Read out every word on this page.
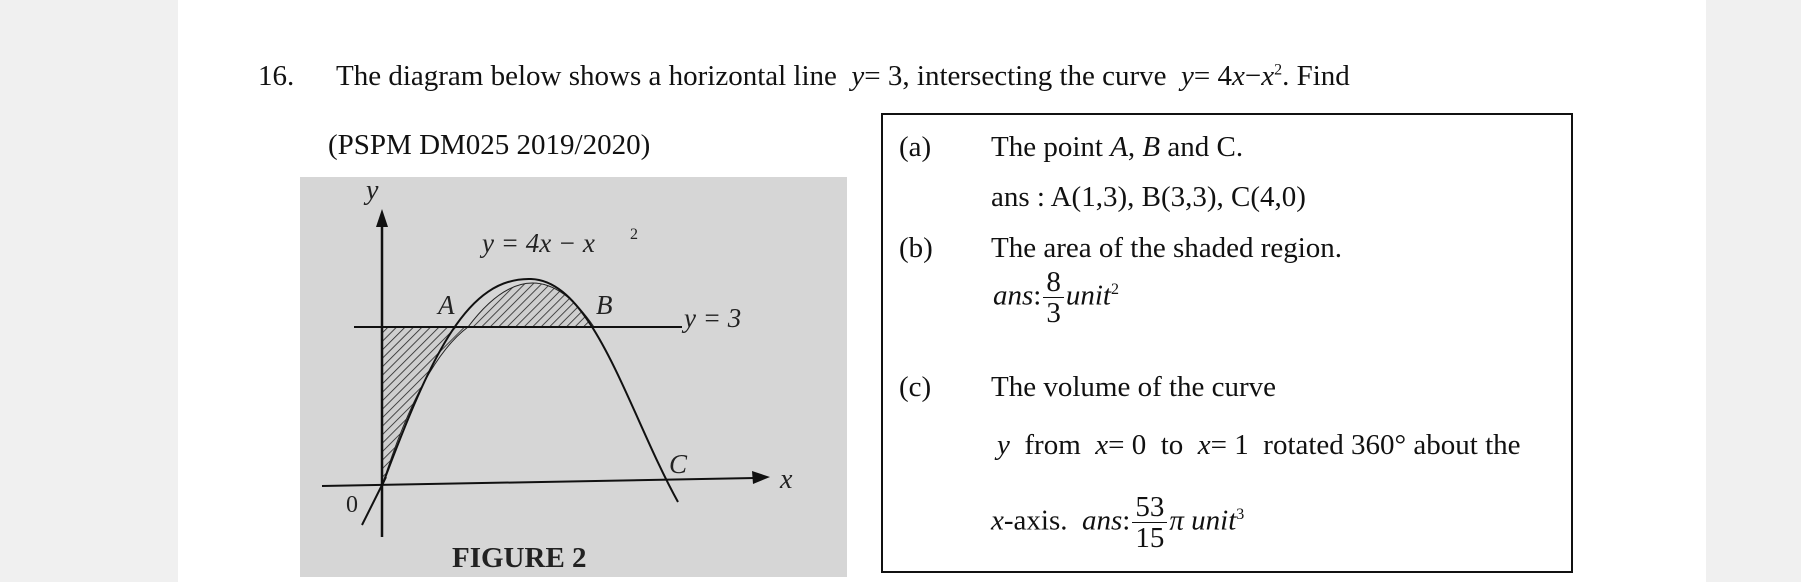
16. The diagram below shows a horizontal line y= 3, intersecting the curve $y= 4x-x^2$. Find
(PSPM DM025 2019/2020)
y
x
0
y = 4x − x 2
y = 3
A	B
C
FIGURE 2
(a) The point A, B and C.
ans : A(1,3), B(3,3), C(4,0)
(b) The area of the shaded region.
ans: $\frac{8}{3}$ unit$^2$
(c) The volume of the curve
y from x= 0 to x= 1 rotated 360° about the
x-axis. ans: $\frac{53}{15}$ π unit$^3$
